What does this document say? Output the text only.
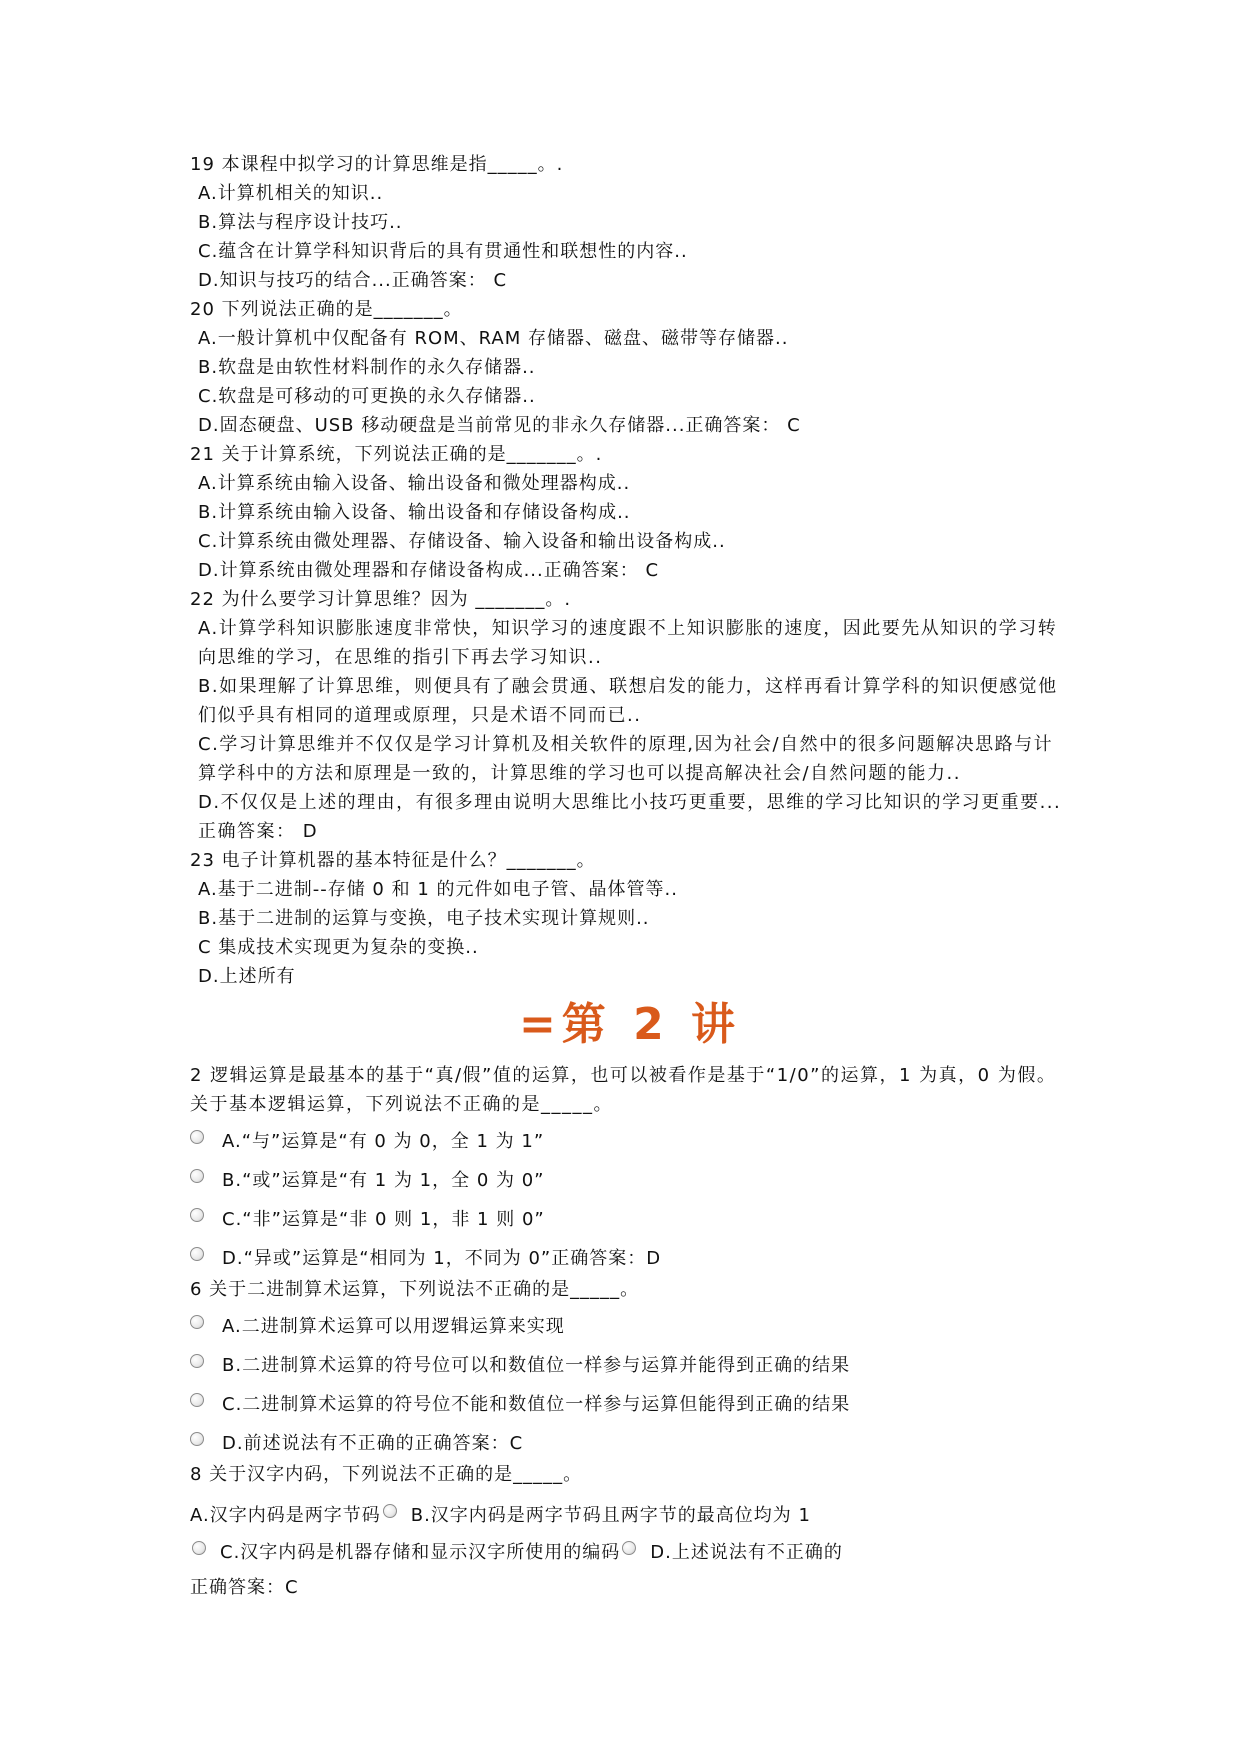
19 本课程中拟学习的计算思维是指_____。.
A.计算机相关的知识..
B.算法与程序设计技巧..
C.蕴含在计算学科知识背后的具有贯通性和联想性的内容..
D.知识与技巧的结合...正确答案： C
20 下列说法正确的是_______。
A.一般计算机中仅配备有 ROM、RAM 存储器、磁盘、磁带等存储器..
B.软盘是由软性材料制作的永久存储器..
C.软盘是可移动的可更换的永久存储器..
D.固态硬盘、USB 移动硬盘是当前常见的非永久存储器...正确答案： C
21 关于计算系统，下列说法正确的是_______。.
A.计算系统由输入设备、输出设备和微处理器构成..
B.计算系统由输入设备、输出设备和存储设备构成..
C.计算系统由微处理器、存储设备、输入设备和输出设备构成..
D.计算系统由微处理器和存储设备构成...正确答案： C
22 为什么要学习计算思维？因为 _______。.
A.计算学科知识膨胀速度非常快，知识学习的速度跟不上知识膨胀的速度，因此要先从知识的学习转向思维的学习，在思维的指引下再去学习知识..
B.如果理解了计算思维，则便具有了融会贯通、联想启发的能力，这样再看计算学科的知识便感觉他们似乎具有相同的道理或原理，只是术语不同而已..
C.学习计算思维并不仅仅是学习计算机及相关软件的原理,因为社会/自然中的很多问题解决思路与计算学科中的方法和原理是一致的，计算思维的学习也可以提高解决社会/自然问题的能力..
D.不仅仅是上述的理由，有很多理由说明大思维比小技巧更重要，思维的学习比知识的学习更重要...正确答案： D
23 电子计算机器的基本特征是什么？_______。
A.基于二进制--存储 0 和 1 的元件如电子管、晶体管等..
B.基于二进制的运算与变换，电子技术实现计算规则..
C 集成技术实现更为复杂的变换..
D.上述所有
=第 2 讲
2 逻辑运算是最基本的基于“真/假”值的运算，也可以被看作是基于“1/0”的运算，1 为真，0 为假。关于基本逻辑运算，下列说法不正确的是_____。
A.“与”运算是“有 0 为 0，全 1 为 1”
B.“或”运算是“有 1 为 1，全 0 为 0”
C.“非”运算是“非 0 则 1，非 1 则 0”
D.“异或”运算是“相同为 1，不同为 0”正确答案：D
6 关于二进制算术运算，下列说法不正确的是_____。
A.二进制算术运算可以用逻辑运算来实现
B.二进制算术运算的符号位可以和数值位一样参与运算并能得到正确的结果
C.二进制算术运算的符号位不能和数值位一样参与运算但能得到正确的结果
D.前述说法有不正确的正确答案：C
8 关于汉字内码，下列说法不正确的是_____。
A.汉字内码是两字节码 B.汉字内码是两字节码且两字节的最高位均为 1
C.汉字内码是机器存储和显示汉字所使用的编码 D.上述说法有不正确的
正确答案：C
